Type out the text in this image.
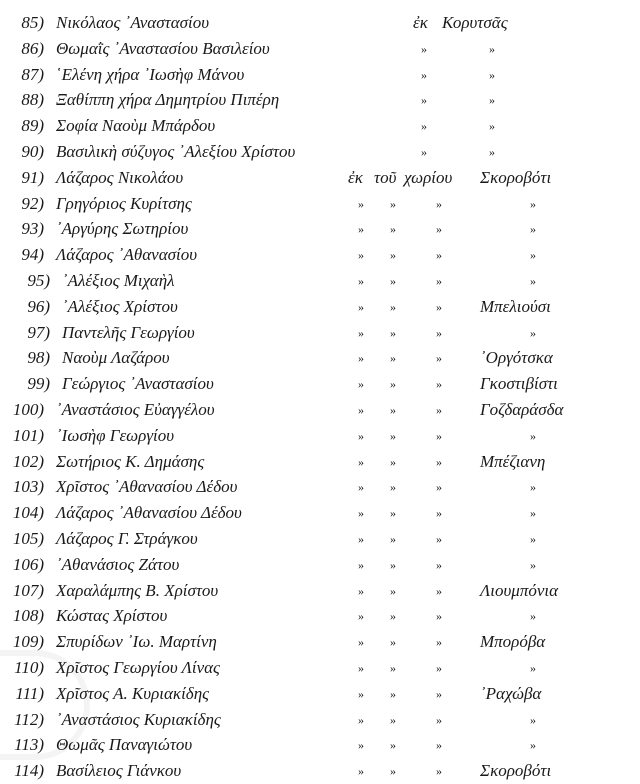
85) Νικόλαος ᾿Αναστασίου	ἐκ Κορυτσᾶς
86) Θωμαῒς ᾿Αναστασίου Βασιλείου	»	»
87) ῾Ελένη χήρα ᾿Ιωσὴφ Μάνου	»	»
88) Ξαθίππη χήρα Δημητρίου Πιπέρη	»	»
89) Σοφία Ναοὺμ Μπάρδου	»	»
90) Βασιλικὴ σύζυγος ᾿Αλεξίου Χρίστου	»	»
91) Λάζαρος Νικολάου	ἐκ τοῦ χωρίου Σκοροβότι
92) Γρηγόριος Κυρίτσης	» »	»	»
93) ᾿Αργύρης Σωτηρίου	» »	»	»
94) Λάζαρος ᾿Αθανασίου	» »	»	»
95) ᾿Αλέξιος Μιχαὴλ	» »	»	»
96) ᾿Αλέξιος Χρίστου	» »	» Μπελιούσι
97) Παντελῆς Γεωργίου	» »	»	»
98) Ναοὺμ Λαζάρου	» »	» ᾿Οργότσκα
99) Γεώργιος ᾿Αναστασίου	» »	» Γκοστιβίστι
100) ᾿Αναστάσιος Εὐαγγέλου	» »	» Γοζδαράσδα
101) ᾿Ιωσὴφ Γεωργίου	» »	»	»
102) Σωτήριος Κ. Δημάσης	» »	» Μπέζιανη
103) Χρῖστος ᾿Αθανασίου Δέδου	» »	»	»
104) Λάζαρος ᾿Αθανασίου Δέδου	» »	»	»
105) Λάζαρος Γ. Στράγκου	» »	»	»
106) ᾿Αθανάσιος Ζάτου	» »	»	»
107) Χαραλάμπης Β. Χρίστου	» »	» Λιουμπόνια
108) Κώστας Χρίστου	» »	»	»
109) Σπυρίδων ᾿Ιω. Μαρτίνη	» »	» Μπορόβα
110) Χρῖστος Γεωργίου Λίνας	» »	»	»
111) Χρῖστος Α. Κυριακίδης	» »	» ᾿Ραχώβα
112) ᾿Αναστάσιος Κυριακίδης	» »	»	»
113) Θωμᾶς Παναγιώτου	» »	»	»
114) Βασίλειος Γιάνκου	» »	» Σκοροβότι
